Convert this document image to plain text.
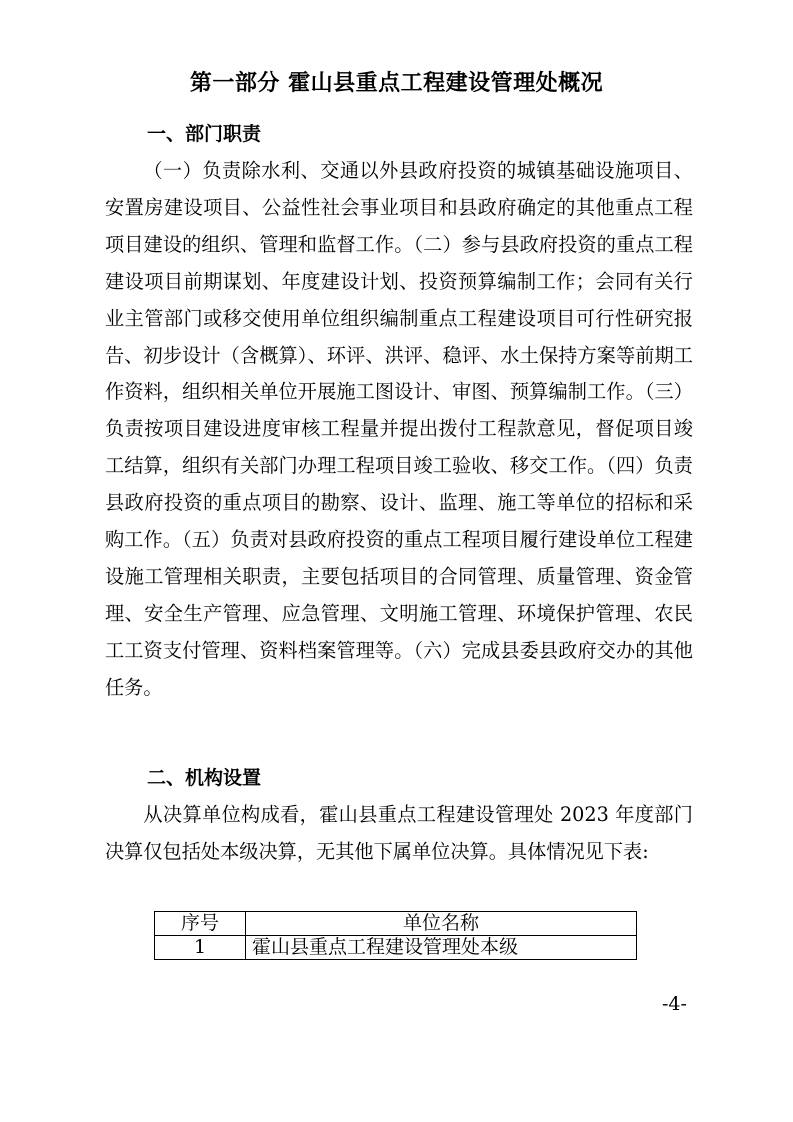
第一部分 霍山县重点工程建设管理处概况
一、部门职责

（一）负责除水利、交通以外县政府投资的城镇基础设施项目、安置房建设项目、公益性社会事业项目和县政府确定的其他重点工程项目建设的组织、管理和监督工作。（二）参与县政府投资的重点工程建设项目前期谋划、年度建设计划、投资预算编制工作；会同有关行业主管部门或移交使用单位组织编制重点工程建设项目可行性研究报告、初步设计（含概算）、环评、洪评、稳评、水土保持方案等前期工作资料，组织相关单位开展施工图设计、审图、预算编制工作。（三）负责按项目建设进度审核工程量并提出拨付工程款意见，督促项目竣工结算，组织有关部门办理工程项目竣工验收、移交工作。（四）负责县政府投资的重点项目的勘察、设计、监理、施工等单位的招标和采购工作。（五）负责对县政府投资的重点工程项目履行建设单位工程建设施工管理相关职责，主要包括项目的合同管理、质量管理、资金管理、安全生产管理、应急管理、文明施工管理、环境保护管理、农民工工资支付管理、资料档案管理等。（六）完成县委县政府交办的其他任务。

二、机构设置

从决算单位构成看，霍山县重点工程建设管理处 2023 年度部门决算仅包括处本级决算，无其他下属单位决算。具体情况见下表:

序号	单位名称
1	霍山县重点工程建设管理处本级
-4-
